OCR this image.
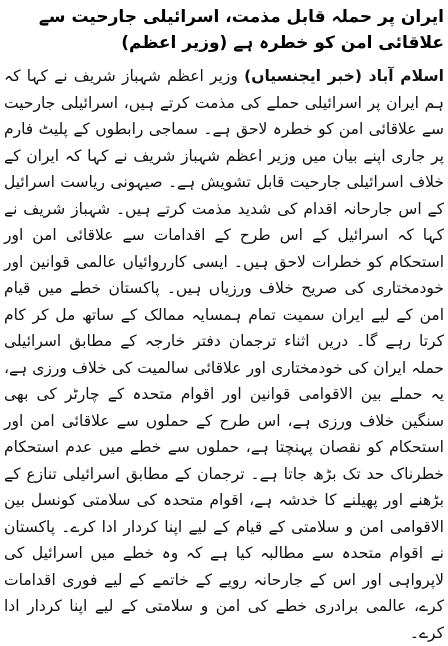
ایران پر حملہ قابل مذمت، اسرائیلی جارحیت سے علاقائی امن کو خطرہ ہے (وزیر اعظم)

اسلام آباد (خبر ایجنسیاں) وزیر اعظم شہباز شریف نے کہا کہ ہم ایران پر اسرائیلی حملے کی مذمت کرتے ہیں، اسرائیلی جارحیت سے علاقائی امن کو خطرہ لاحق ہے۔ سماجی رابطوں کے پلیٹ فارم پر جاری اپنے بیان میں وزیر اعظم شہباز شریف نے کہا کہ ایران کے خلاف اسرائیلی جارحیت قابل تشویش ہے۔ صیہونی ریاست اسرائیل کے اس جارحانہ اقدام کی شدید مذمت کرتے ہیں۔ شہباز شریف نے کہا کہ اسرائیل کے اس طرح کے اقدامات سے علاقائی امن اور استحکام کو خطرات لاحق ہیں۔ ایسی کارروائیاں عالمی قوانین اور خودمختاری کی صریح خلاف ورزیاں ہیں۔ پاکستان خطے میں قیام امن کے لیے ایران سمیت تمام ہمسایہ ممالک کے ساتھ مل کر کام کرتا رہے گا۔ دریں اثناء ترجمان دفتر خارجہ کے مطابق اسرائیلی حملہ ایران کی خودمختاری اور علاقائی سالمیت کی خلاف ورزی ہے، یہ حملے بین الاقوامی قوانین اور اقوام متحدہ کے چارٹر کی بھی سنگین خلاف ورزی ہے، اس طرح کے حملوں سے علاقائی امن اور استحکام کو نقصان پہنچتا ہے، حملوں سے خطے میں عدم استحکام خطرناک حد تک بڑھ جاتا ہے۔ ترجمان کے مطابق اسرائیلی تنازع کے بڑھنے اور پھیلنے کا خدشہ ہے، اقوام متحدہ کی سلامتی کونسل بین الاقوامی امن و سلامتی کے قیام کے لیے اپنا کردار ادا کرے۔ پاکستان نے اقوام متحدہ سے مطالبہ کیا ہے کہ وہ خطے میں اسرائیل کی لاپرواہی اور اس کے جارحانہ رویے کے خاتمے کے لیے فوری اقدامات کرے، عالمی برادری خطے کی امن و سلامتی کے لیے اپنا کردار ادا کرے۔
